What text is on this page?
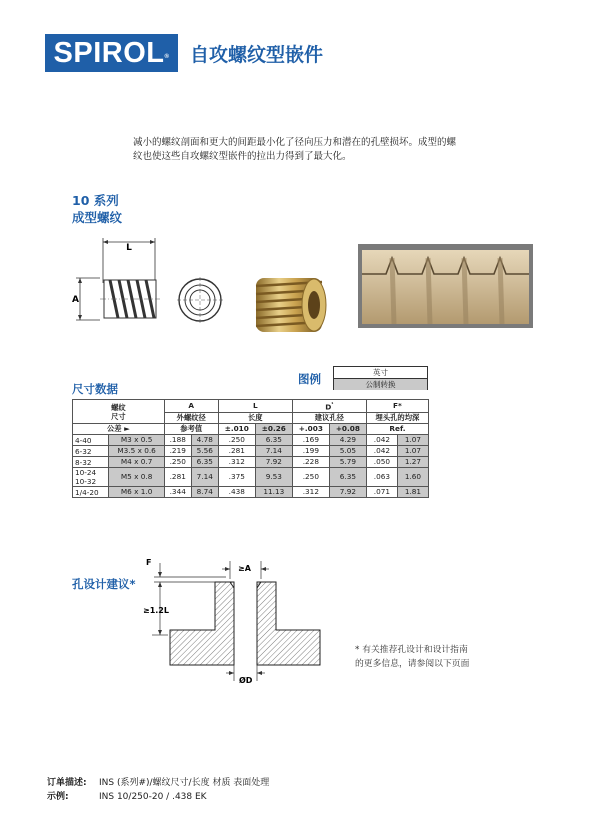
SPIROL®	自攻螺纹型嵌件
减小的螺纹剖面和更大的间距最小化了径向压力和潜在的孔壁损坏。成型的螺纹也使这些自攻螺纹型嵌件的拉出力得到了最大化。
10 系列
成型螺纹
L
A
尺寸数据
图例	英寸
公制转换
螺纹
尺寸		A		L		$D^{^1}$		F*	
		外螺纹径		长度		建议孔径		埋头孔的均深	
公差 ►		参考值		±.010	±0.26	+.003	+0.08	Ref.	
4-40	M3 x 0.5	.188	4.78	.250	6.35	.169	4.29	.042	1.07
6-32	M3.5 x 0.6	.219	5.56	.281	7.14	.199	5.05	.042	1.07
8-32	M4 x 0.7	.250	6.35	.312	7.92	.228	5.79	.050	1.27
10-24
10-32	M5 x 0.8	.281	7.14	.375	9.53	.250	6.35	.063	1.60
1/4-20	M6 x 1.0	.344	8.74	.438	11.13	.312	7.92	.071	1.81
孔设计建议*
F
≥A
≥1.2L
ØD
* 有关推荐孔设计和设计指南
的更多信息，请参阅以下页面
订单描述: INS (系列#)/螺纹尺寸/长度 材质 表面处理
示例:	INS 10/250-20 / .438 EK
